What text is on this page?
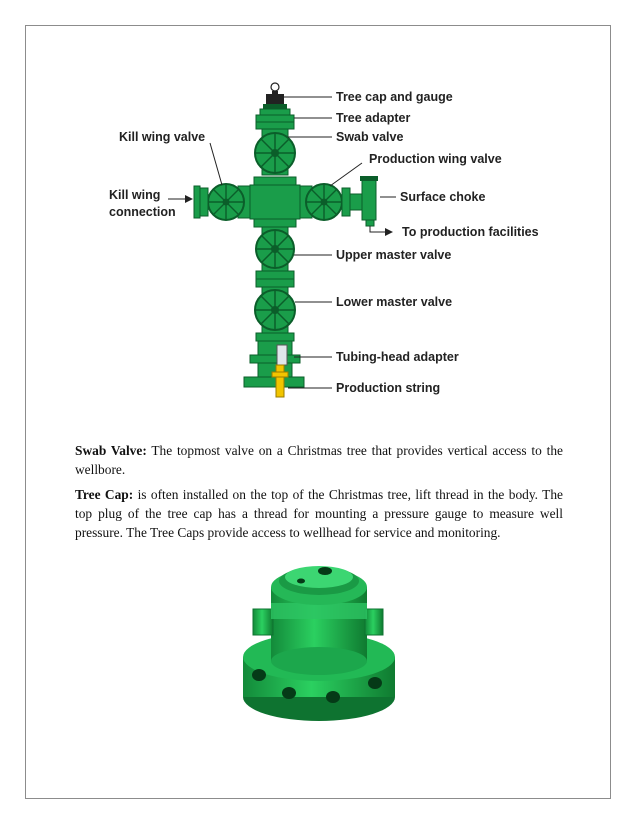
Tree cap and gauge
Tree adapter
Swab valve
Kill wing valve
Production wing valve
Kill wing
connection
Surface choke
To production facilities
Upper master valve
Lower master valve
Tubing-head adapter
Production string

Swab Valve: The topmost valve on a Christmas tree that provides vertical access to the wellbore.

Tree Cap: is often installed on the top of the Christmas tree, lift thread in the body. The top plug of the tree cap has a thread for mounting a pressure gauge to measure well pressure. The Tree Caps provide access to wellhead for service and monitoring.
